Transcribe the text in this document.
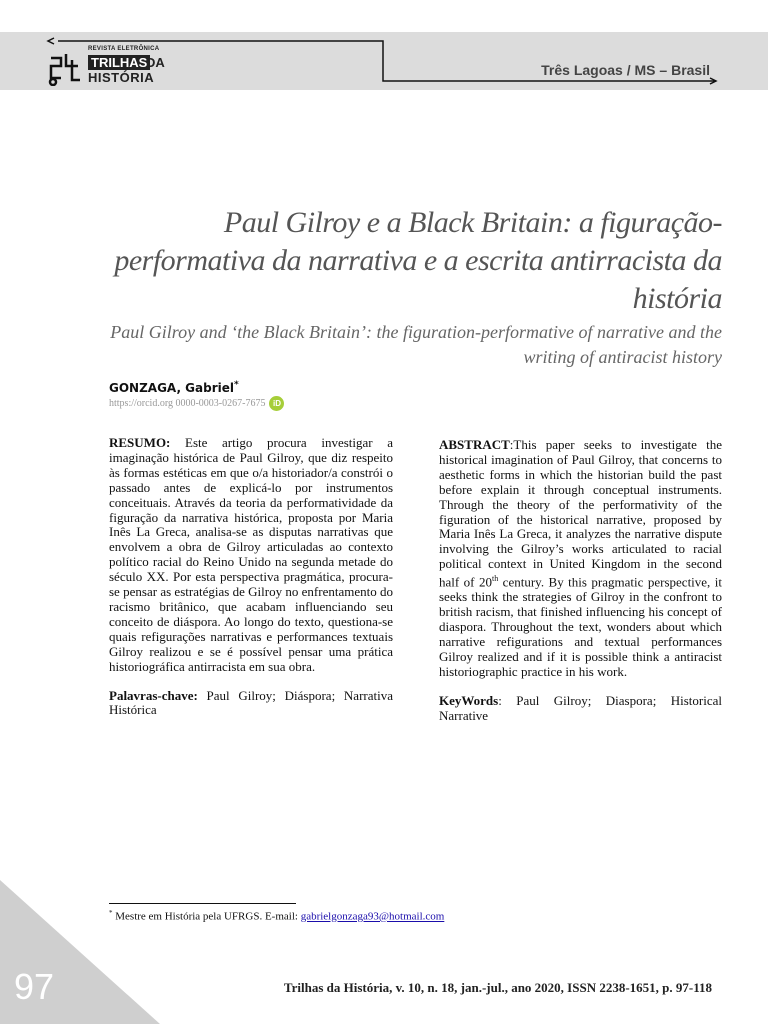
REVISTA ELETRÔNICA
TRILHAS
DA
HISTÓRIA	Três Lagoas / MS – Brasil
Paul Gilroy e a Black Britain: a figuração-performativa da narrativa e a escrita antirracista da história
Paul Gilroy and ‘the Black Britain’: the figuration-performative of narrative and the writing of antiracist history
GONZAGA, Gabriel*
https://orcid.org 0000-0003-0267-7675 iD
RESUMO: Este artigo procura investigar a imaginação histórica de Paul Gilroy, que diz respeito às formas estéticas em que o/a historiador/a constrói o passado antes de explicá-lo por instrumentos conceituais. Através da teoria da performatividade da figuração da narrativa histórica, proposta por Maria Inês La Greca, analisa-se as disputas narrativas que envolvem a obra de Gilroy articuladas ao contexto político racial do Reino Unido na segunda metade do século XX. Por esta perspectiva pragmática, procura-se pensar as estratégias de Gilroy no enfrentamento do racismo britânico, que acabam influenciando seu conceito de diáspora. Ao longo do texto, questiona-se quais refigurações narrativas e performances textuais Gilroy realizou e se é possível pensar uma prática historiográfica antirracista em sua obra.
Palavras-chave: Paul Gilroy; Diáspora; Narrativa Histórica
ABSTRACT:This paper seeks to investigate the historical imagination of Paul Gilroy, that concerns to aesthetic forms in which the historian build the past before explain it through conceptual instruments. Through the theory of the performativity of the figuration of the historical narrative, proposed by Maria Inês La Greca, it analyzes the narrative dispute involving the Gilroy’s works articulated to racial political context in United Kingdom in the second half of 20th century. By this pragmatic perspective, it seeks think the strategies of Gilroy in the confront to british racism, that finished influencing his concept of diaspora. Throughout the text, wonders about which narrative refigurations and textual performances Gilroy realized and if it is possible think a antiracist historiographic practice in his work.
KeyWords: Paul Gilroy; Diaspora; Historical Narrative
* Mestre em História pela UFRGS. E-mail: gabrielgonzaga93@hotmail.com
97	Trilhas da História, v. 10, n. 18, jan.-jul., ano 2020, ISSN 2238-1651, p. 97-118
